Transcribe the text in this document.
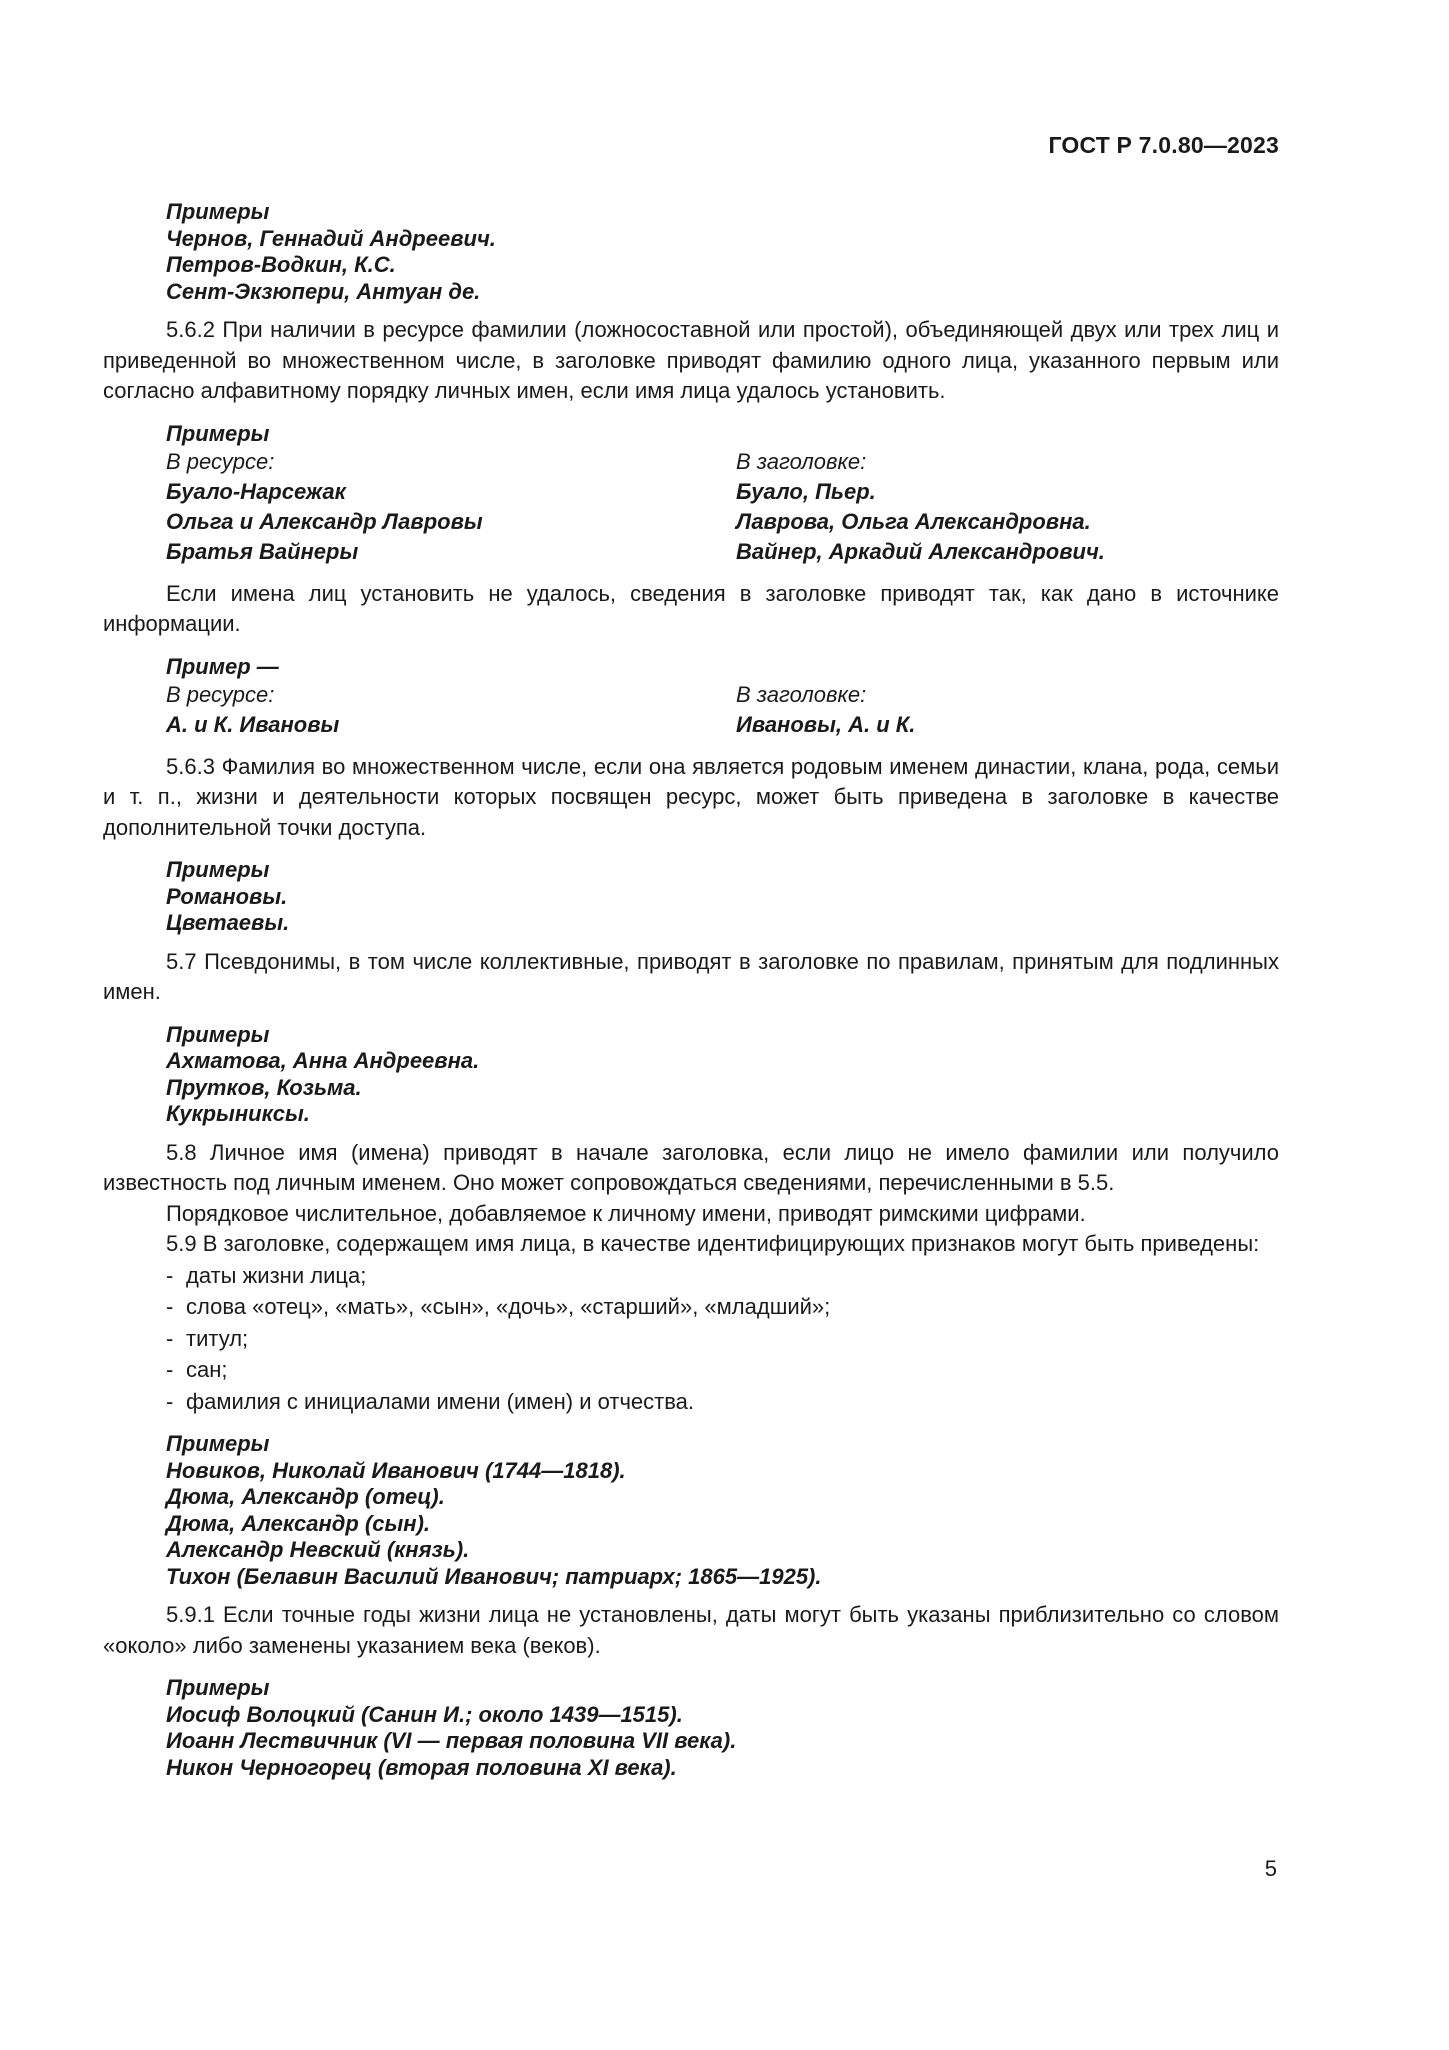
ГОСТ Р 7.0.80—2023
Примеры
Чернов, Геннадий Андреевич.
Петров-Водкин, К.С.
Сент-Экзюпери, Антуан де.

5.6.2 При наличии в ресурсе фамилии (ложносоставной или простой), объединяющей двух или трех лиц и приведенной во множественном числе, в заголовке приводят фамилию одного лица, указанного первым или согласно алфавитному порядку личных имен, если имя лица удалось установить.

Примеры
В ресурсе:	В заголовке:
Буало-Нарсежак	Буало, Пьер.
Ольга и Александр Лавровы	Лаврова, Ольга Александровна.
Братья Вайнеры	Вайнер, Аркадий Александрович.

Если имена лиц установить не удалось, сведения в заголовке приводят так, как дано в источнике информации.

Пример —
В ресурсе:	В заголовке:
А. и К. Ивановы	Ивановы, А. и К.

5.6.3 Фамилия во множественном числе, если она является родовым именем династии, клана, рода, семьи и т. п., жизни и деятельности которых посвящен ресурс, может быть приведена в заголовке в качестве дополнительной точки доступа.

Примеры
Романовы.
Цветаевы.

5.7 Псевдонимы, в том числе коллективные, приводят в заголовке по правилам, принятым для подлинных имен.

Примеры
Ахматова, Анна Андреевна.
Прутков, Козьма.
Кукрыниксы.

5.8 Личное имя (имена) приводят в начале заголовка, если лицо не имело фамилии или получило известность под личным именем. Оно может сопровождаться сведениями, перечисленными в 5.5.

Порядковое числительное, добавляемое к личному имени, приводят римскими цифрами.

5.9 В заголовке, содержащем имя лица, в качестве идентифицирующих признаков могут быть приведены:

- даты жизни лица;
- слова «отец», «мать», «сын», «дочь», «старший», «младший»;
- титул;
- сан;
- фамилия с инициалами имени (имен) и отчества.
Примеры
Новиков, Николай Иванович (1744—1818).
Дюма, Александр (отец).
Дюма, Александр (сын).
Александр Невский (князь).
Тихон (Белавин Василий Иванович; патриарх; 1865—1925).

5.9.1 Если точные годы жизни лица не установлены, даты могут быть указаны приблизительно со словом «около» либо заменены указанием века (веков).

Примеры
Иосиф Волоцкий (Санин И.; около 1439—1515).
Иоанн Лествичник (VI — первая половина VII века).
Никон Черногорец (вторая половина XI века).
5
